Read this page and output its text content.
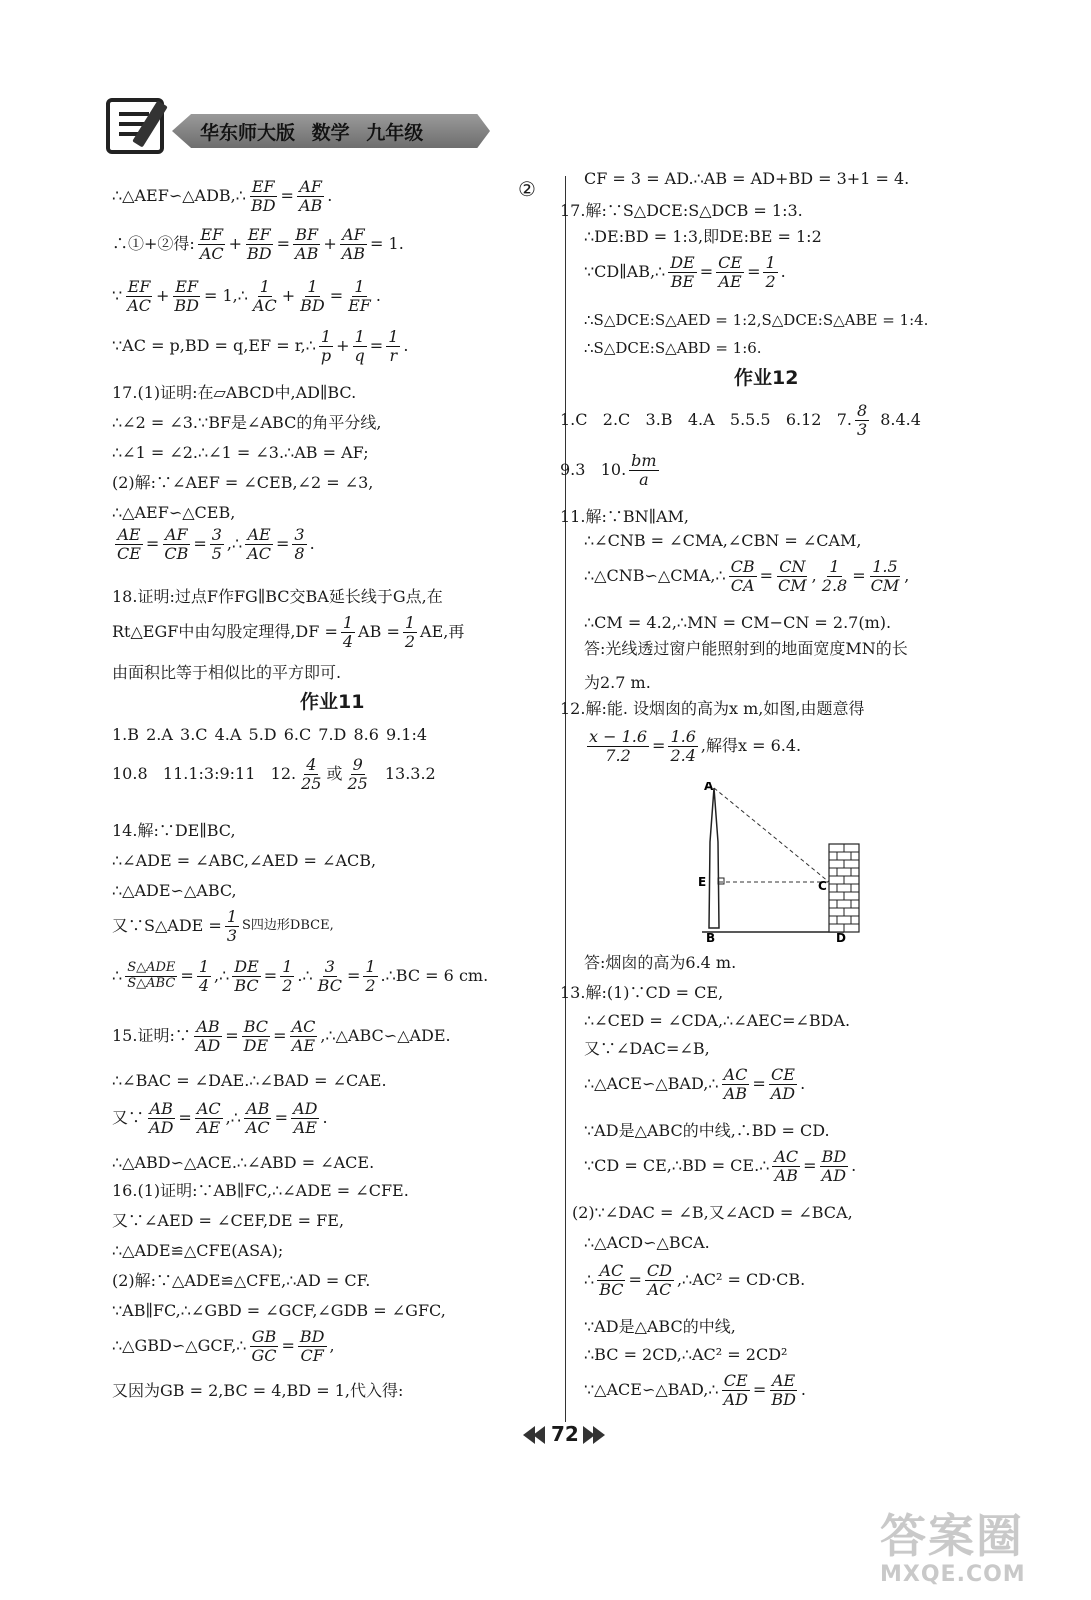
华东师大版 数学 九年级
∴△AEF∽△ADB,∴ $\frac{EF}{BD} = \frac{AF}{AB}$ .	②
∴①+②得: $\frac{EF}{AC} + \frac{EF}{BD} = \frac{BF}{AB} + \frac{AF}{AB} = 1$.
∵ $\frac{EF}{AC} + \frac{EF}{BD}$ = 1,∴ $\frac{1}{AC} + \frac{1}{BD} = \frac{1}{EF}$ .
∵AC = p,BD = q,EF = r,∴ $\frac{1}{p} + \frac{1}{q} = \frac{1}{r}$ .
17.(1)证明:在▱ABCD中,AD∥BC.
∴∠2 = ∠3.∵BF是∠ABC的角平分线,
∴∠1 = ∠2.∴∠1 = ∠3.∴AB = AF;
(2)解:∵∠AEF = ∠CEB,∠2 = ∠3,
∴△AEF∽△CEB,
$\frac{AE}{CE} = \frac{AF}{CB} = \frac{3}{5}$ ,∴ $\frac{AE}{AC} = \frac{3}{8}$ .
18.证明:过点F作FG∥BC交BA延长线于G点,在
Rt△EGF中由勾股定理得$,DF = \frac{1}{4}$ AB = $\frac{1}{2}$ AE,再
由面积比等于相似比的平方即可.
作业11
1.B 2.A 3.C 4.A 5.D 6.C 7.D 8.6 9.1:4
10.8   11.1:3:9:11   12. $\frac{4}{25}$ 或 $\frac{9}{25} 13.3.2$
14.解:∵DE∥BC,
∴∠ADE = ∠ABC,∠AED = ∠ACB,
∴△ADE∽△ABC,
又∵S△ADE = $\frac{1}{3}$ S四边形DBCE,
∴ $\frac{\text{S△ADE}}{\text{S△ABC}} = \frac{1}{4}$ ,∴ $\frac{DE}{BC} = \frac{1}{2}$ .∴ $\frac{3}{BC} = \frac{1}{2}$ .∴BC = 6 cm.
15.证明:∵ $\frac{AB}{AD} = \frac{BC}{DE} = \frac{AC}{AE}$ ,∴△ABC∽△ADE.
∴∠BAC = ∠DAE.∴∠BAD = ∠CAE.
又∵ $\frac{AB}{AD} = \frac{AC}{AE}$ ,∴ $\frac{AB}{AC} = \frac{AD}{AE}$ .
∴△ABD∽△ACE.∴∠ABD = ∠ACE.
16.(1)证明:∵AB∥FC,∴∠ADE = ∠CFE.
又∵∠AED = ∠CEF,DE = FE,
∴△ADE≌△CFE(ASA);
(2)解:∵△ADE≌△CFE,∴AD = CF.
∵AB∥FC,∴∠GBD = ∠GCF,∠GDB = ∠GFC,
∴△GBD∽△GCF,∴ $\frac{GB}{GC} = \frac{BD}{CF}$ ,
又因为GB = 2,BC = 4,BD = 1,代入得:
CF = 3 = AD.∴AB = AD+BD = 3+1 = 4.
17.解:∵S△DCE:S△DCB = 1:3.
∴DE:BD = 1:3,即DE:BE = 1:2
∵CD∥AB,∴ $\frac{DE}{BE} = \frac{CE}{AE} = \frac{1}{2}$ .
∴S△DCE:S△AED = 1:2,S△DCE:S△ABE = 1:4.
∴S△DCE:S△ABD = 1:6.
作业12
1.C   2.C   3.B   4.A   5.5.5   6.12   7. $\frac{8}{3} 8.4.4$
9.3   10. $\frac{bm}{a}$
11.解:∵BN∥AM,
∴∠CNB = ∠CMA,∠CBN = ∠CAM,
∴△CNB∽△CMA,∴ $\frac{CB}{CA} = \frac{CN}{CM}$ , $\frac{1}{2.8} = \frac{1.5}{CM}$ ,
∴CM = 4.2,∴MN = CM−CN = 2.7(m).
答:光线透过窗户能照射到的地面宽度MN的长
为2.7 m.
12.解:能. 设烟囱的高为x m,如图,由题意得
$\frac{x - 1.6}{7.2} = \frac{1.6}{2.4}$ ,解得x = 6.4.
A
E
B
C
D
答:烟囱的高为6.4 m.
13.解:(1)∵CD = CE,
∴∠CED = ∠CDA,∴∠AEC=∠BDA.
又∵∠DAC=∠B,
∴△ACE∽△BAD,∴ $\frac{AC}{AB} = \frac{CE}{AD}$ .
∵AD是△ABC的中线,∴BD = CD.
∵CD = CE,∴BD = CE.∴ $\frac{AC}{AB} = \frac{BD}{AD}$ .
(2)∵∠DAC = ∠B,又∠ACD = ∠BCA,
∴△ACD∽△BCA.
∴ $\frac{AC}{BC} = \frac{CD}{AC}$ ,∴AC² = CD·CB.
∵AD是△ABC的中线,
∴BC = 2CD,∴AC² = 2CD²
∵△ACE∽△BAD,∴ $\frac{CE}{AD} = \frac{AE}{BD}$ .
72
答案圈
MXQE.COM
